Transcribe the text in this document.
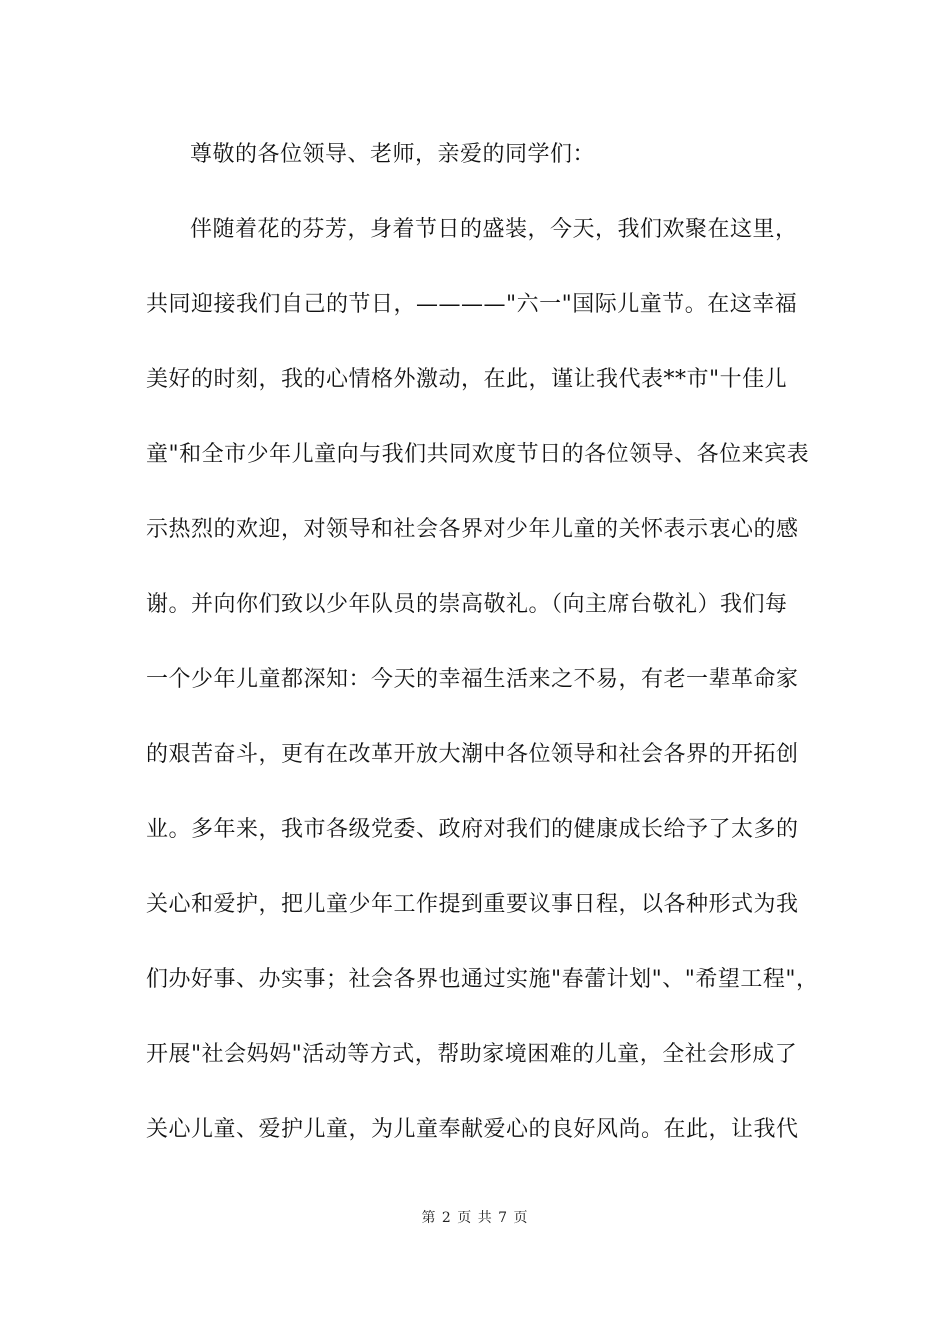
尊敬的各位领导、老师，亲爱的同学们：
伴随着花的芬芳，身着节日的盛装，今天，我们欢聚在这里，
共同迎接我们自己的节日，————"六一"国际儿童节。在这幸福
美好的时刻，我的心情格外激动，在此，谨让我代表**市"十佳儿
童"和全市少年儿童向与我们共同欢度节日的各位领导、各位来宾表
示热烈的欢迎，对领导和社会各界对少年儿童的关怀表示衷心的感
谢。并向你们致以少年队员的崇高敬礼。（向主席台敬礼）我们每
一个少年儿童都深知：今天的幸福生活来之不易，有老一辈革命家
的艰苦奋斗，更有在改革开放大潮中各位领导和社会各界的开拓创
业。多年来，我市各级党委、政府对我们的健康成长给予了太多的
关心和爱护，把儿童少年工作提到重要议事日程，以各种形式为我
们办好事、办实事；社会各界也通过实施"春蕾计划"、"希望工程"，
开展"社会妈妈"活动等方式，帮助家境困难的儿童，全社会形成了
关心儿童、爱护儿童，为儿童奉献爱心的良好风尚。在此，让我代
第 2 页 共 7 页
